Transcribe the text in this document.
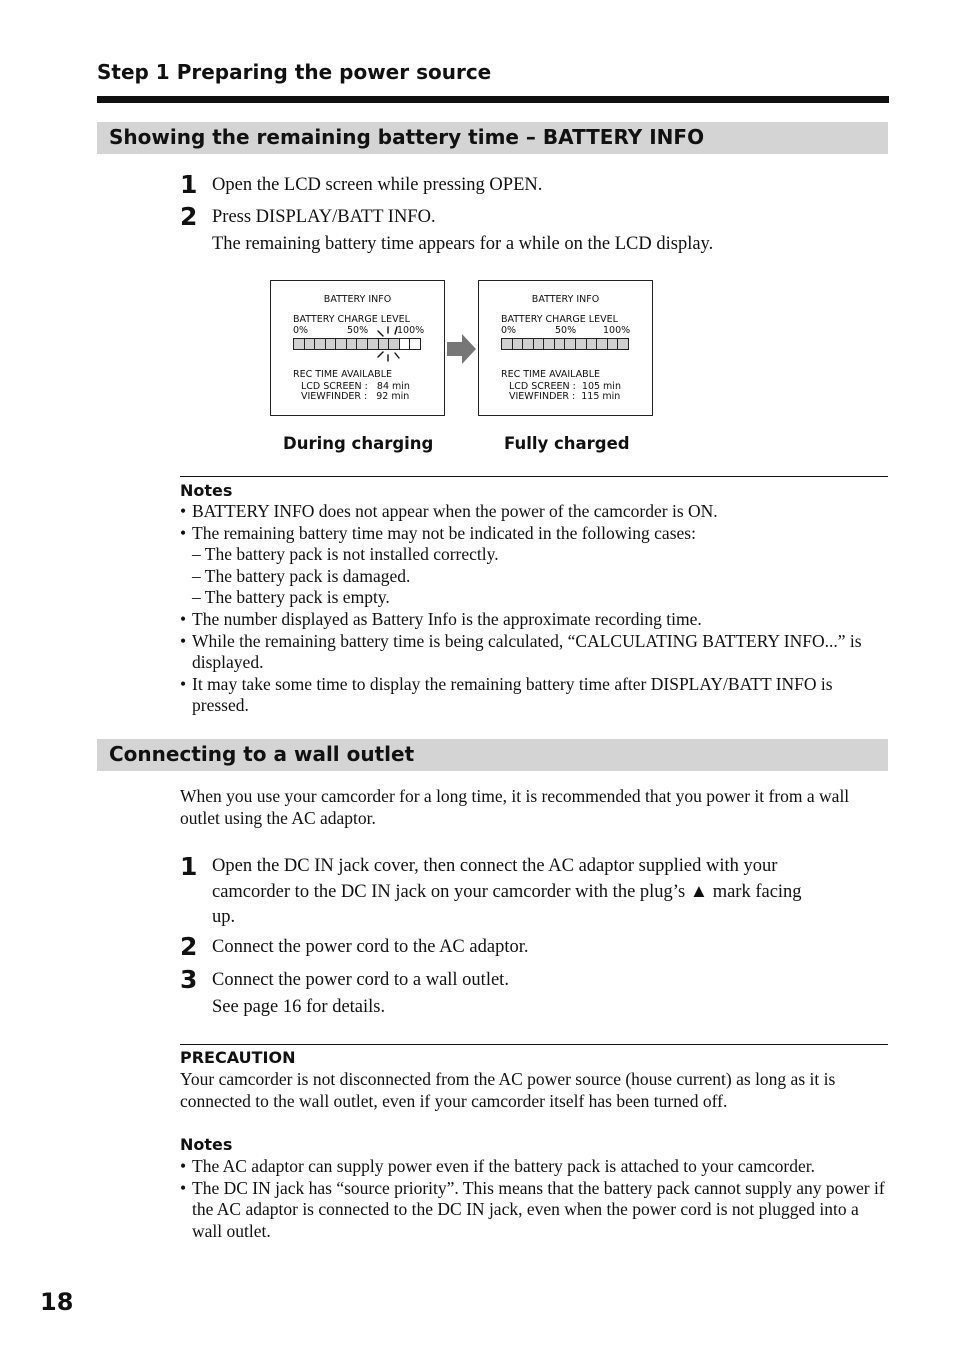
Step 1 Preparing the power source
Showing the remaining battery time – BATTERY INFO
1 Open the LCD screen while pressing OPEN.
2 Press DISPLAY/BATT INFO.
The remaining battery time appears for a while on the LCD display.
BATTERY INFO
BATTERY CHARGE LEVEL
0%	50%	100%
REC TIME AVAILABLE
LCD SCREEN :   84 min
VIEWFINDER :   92 min
BATTERY INFO
BATTERY CHARGE LEVEL
0%	50%	100%
REC TIME AVAILABLE
LCD SCREEN :  105 min
VIEWFINDER :  115 min
During charging	Fully charged
Notes
• BATTERY INFO does not appear when the power of the camcorder is ON.
• The remaining battery time may not be indicated in the following cases:
– The battery pack is not installed correctly.
– The battery pack is damaged.
– The battery pack is empty.
• The number displayed as Battery Info is the approximate recording time.
• While the remaining battery time is being calculated, “CALCULATING BATTERY INFO...” is displayed.
• It may take some time to display the remaining battery time after DISPLAY/BATT INFO is pressed.
Connecting to a wall outlet
When you use your camcorder for a long time, it is recommended that you power it from a wall outlet using the AC adaptor.
1 Open the DC IN jack cover, then connect the AC adaptor supplied with your
camcorder to the DC IN jack on your camcorder with the plug’s ▲ mark facing
up.
2 Connect the power cord to the AC adaptor.
3 Connect the power cord to a wall outlet.
See page 16 for details.
PRECAUTION
Your camcorder is not disconnected from the AC power source (house current) as long as it is connected to the wall outlet, even if your camcorder itself has been turned off.
Notes
• The AC adaptor can supply power even if the battery pack is attached to your camcorder.
• The DC IN jack has “source priority”. This means that the battery pack cannot supply any power if the AC adaptor is connected to the DC IN jack, even when the power cord is not plugged into a wall outlet.
18
